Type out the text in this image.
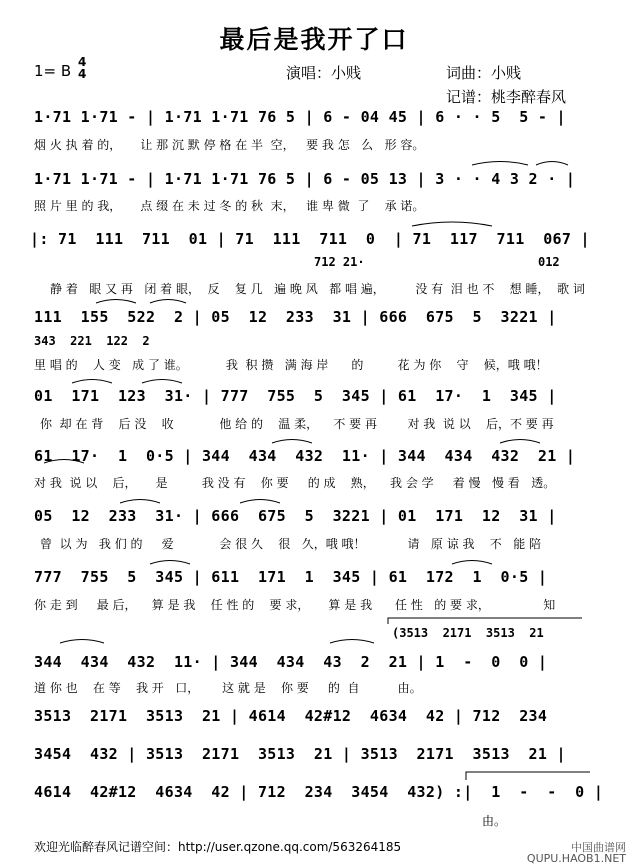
最后是我开了口
1= B 4
4	演唱：小贱	词曲：小贱
记谱：桃李醉春风
1·71 1·71 - | 1·71 1·71 76 5 | 6 - 04 45 | 6 · · 5  5 - |
烟 火 执 着 的，     让 那 沉 默 停 格 在 半  空，   要 我 怎   么   形 容。
1·71 1·71 - | 1·71 1·71 76 5 | 6 - 05 13 | 3 · · 4 3 2 · |
照 片 里 的 我，     点 缀 在 未 过 冬 的 秋  末，   谁 卑 微  了    承 诺。
|: 71  111  711  01 | 71  111  711  0  | 71  117  711  067 |
712 21·                        012
静 着   眼 又 再   闭 着 眼，  反    复 几   遍 晚 风   都 唱 遍，        没 有  泪 也 不    想 睡，  歌 词
111  155  522  2 | 05  12  233  31 | 666  675  5  3221 |
343  221  122  2
里 唱 的    人 变   成 了 谁。          我  积 攒   满 海 岸      的         花 为 你    守    候，哦 哦！
01  171  123  31· | 777  755  5  345 | 61  17·  1  345 |
你  却 在 背    后 没    收            他 给 的    温 柔，    不 要 再        对 我  说 以    后，不 要 再
61  17·  1  0·5 | 344  434  432  11· | 344  434  432  21 |
对 我  说 以    后，     是         我 没 有    你 要     的 成    熟，    我 会 学     着 慢   慢 看   透。
05  12  233  31· | 666  675  5  3221 | 01  171  12  31 |
曾  以 为   我 们 的     爱            会 很 久    很   久，哦 哦！           请   原 谅 我    不   能 陪
777  755  5  345 | 611  171  1  345 | 61  172  1  0·5 |
你 走 到     最 后，    算 是 我    任 性 的    要 求，     算 是 我      任 性   的 要 求，              知
(3513  2171  3513  21
344  434  432  11· | 344  434  43  2  21 | 1  -  0  0 |
道 你 也    在 等    我 开   口，      这 就 是    你 要     的  自          由。
3513  2171  3513  21 | 4614  42#12  4634  42 | 712  234
3454  432 | 3513  2171  3513  21 | 3513  2171  3513  21 |
4614  42#12  4634  42 | 712  234  3454  432) :|  1  -  -  0 |
由。
欢迎光临醉春风记谱空间：http://user.qzone.qq.com/563264185	中国曲谱网
QUPU.HAOB1.NET
